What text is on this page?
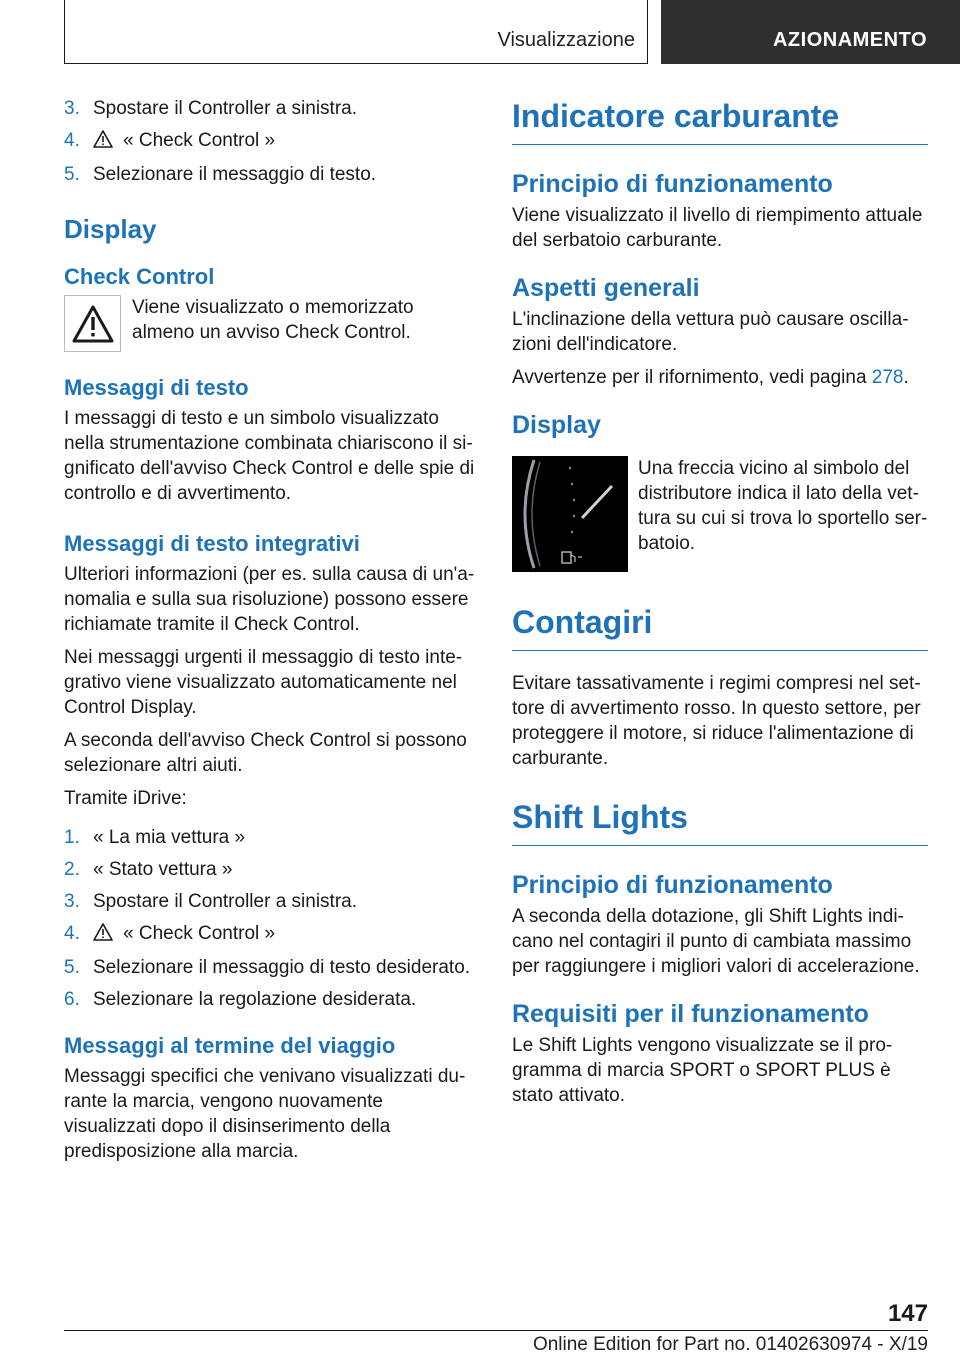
Visualizzazione	AZIONAMENTO
3. Spostare il Controller a sinistra.
4. « Check Control »
5. Selezionare il messaggio di testo.
Display
Check Control

Viene visualizzato o memorizzato almeno un avviso Check Control.

Messaggi di testo

I messaggi di testo e un simbolo visualizzato nella strumentazione combinata chiariscono il si-gnificato dell'avviso Check Control e delle spie di controllo e di avvertimento.

Messaggi di testo integrativi

Ulteriori informazioni (per es. sulla causa di un'a-nomalia e sulla sua risoluzione) possono essere richiamate tramite il Check Control.

Nei messaggi urgenti il messaggio di testo inte-grativo viene visualizzato automaticamente nel Control Display.

A seconda dell'avviso Check Control si possono selezionare altri aiuti.

Tramite iDrive:

1. « La mia vettura »
2. « Stato vettura »
3. Spostare il Controller a sinistra.
4. « Check Control »
5. Selezionare il messaggio di testo desiderato.
6. Selezionare la regolazione desiderata.
Messaggi al termine del viaggio

Messaggi specifici che venivano visualizzati du-rante la marcia, vengono nuovamente visualizzati dopo il disinserimento della predisposizione alla marcia.

Indicatore carburante
Principio di funzionamento

Viene visualizzato il livello di riempimento attuale del serbatoio carburante.

Aspetti generali

L'inclinazione della vettura può causare oscilla-zioni dell'indicatore.

Avvertenze per il rifornimento, vedi pagina 278.

Display

Una freccia vicino al simbolo del distributore indica il lato della vet-tura su cui si trova lo sportello ser-batoio.

Contagiri

Evitare tassativamente i regimi compresi nel set-tore di avvertimento rosso. In questo settore, per proteggere il motore, si riduce l'alimentazione di carburante.

Shift Lights
Principio di funzionamento

A seconda della dotazione, gli Shift Lights indi-cano nel contagiri il punto di cambiata massimo per raggiungere i migliori valori di accelerazione.

Requisiti per il funzionamento

Le Shift Lights vengono visualizzate se il pro-gramma di marcia SPORT o SPORT PLUS è stato attivato.

147
Online Edition for Part no. 01402630974 - X/19
